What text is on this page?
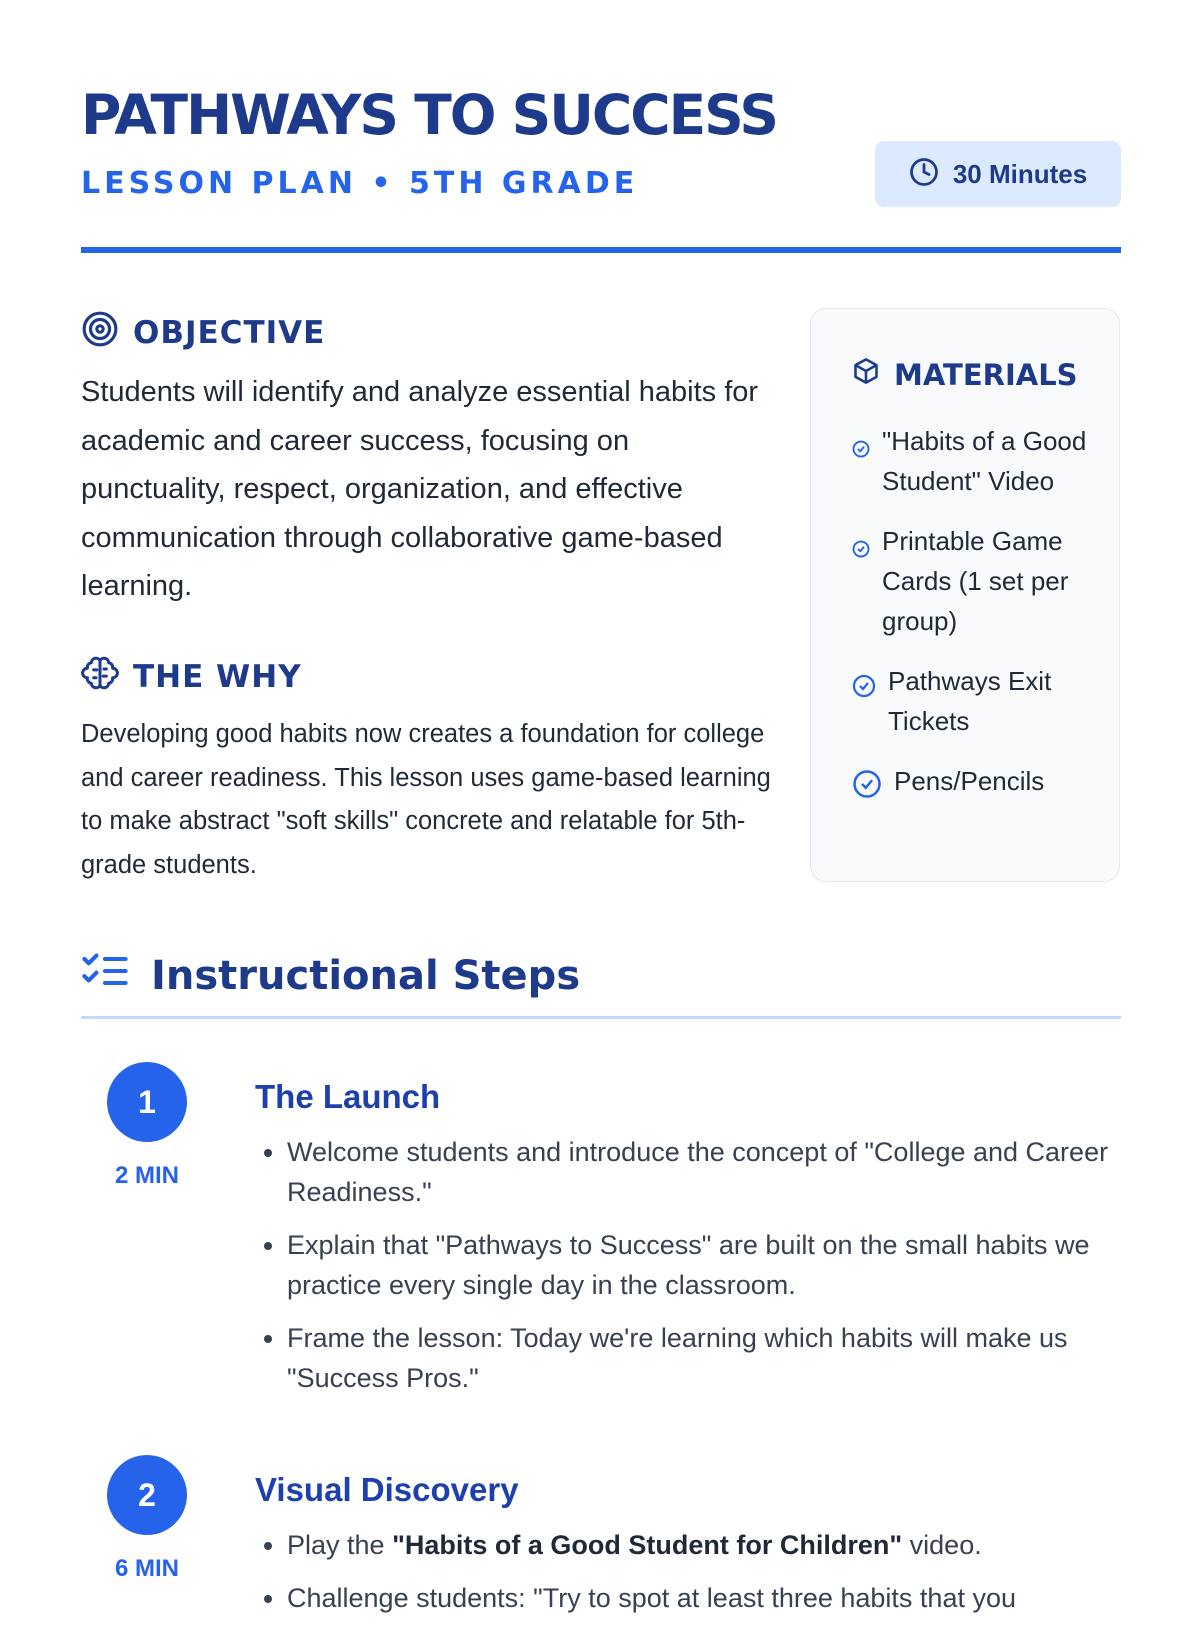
PATHWAYS TO SUCCESS
LESSON PLAN • 5TH GRADE	30 Minutes
OBJECTIVE
Students will identify and analyze essential habits for academic and career success, focusing on punctuality, respect, organization, and effective communication through collaborative game-based learning.
THE WHY
Developing good habits now creates a foundation for college and career readiness. This lesson uses game-based learning to make abstract "soft skills" concrete and relatable for 5th-grade students.
MATERIALS
"Habits of a Good Student" Video
Printable Game Cards (1 set per group)
Pathways Exit Tickets
Pens/Pencils
Instructional Steps
1
2 MIN
The Launch
• Welcome students and introduce the concept of "College and Career Readiness."
• Explain that "Pathways to Success" are built on the small habits we practice every single day in the classroom.
• Frame the lesson: Today we're learning which habits will make us "Success Pros."
2
6 MIN
Visual Discovery
• Play the "Habits of a Good Student for Children" video.
• Challenge students: "Try to spot at least three habits that you
